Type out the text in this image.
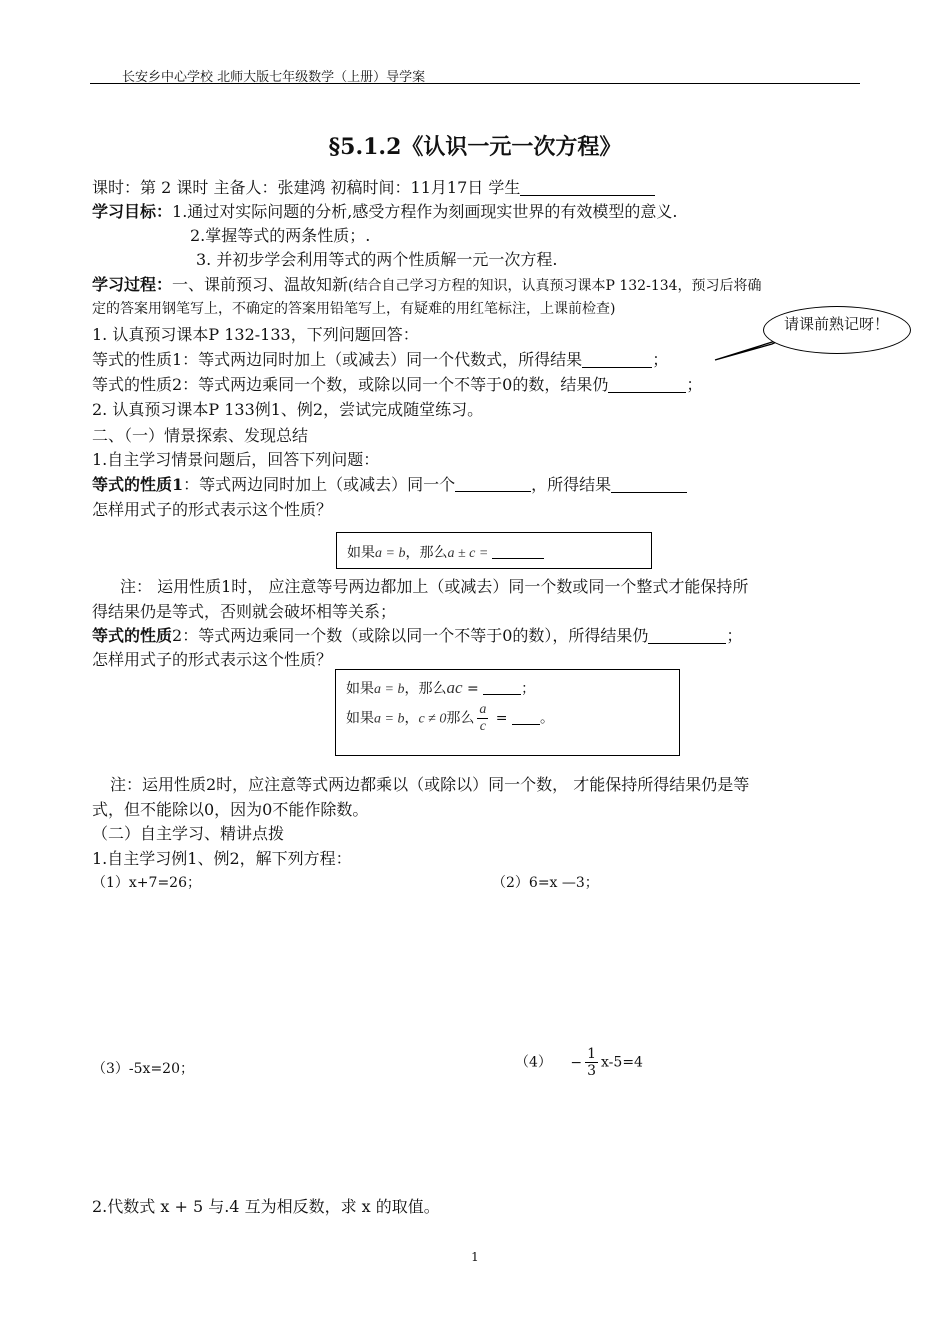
长安乡中心学校 北师大版七年级数学（上册）导学案
§5.1.2《认识一元一次方程》
课时：第 2 课时 主备人：张建鸿 初稿时间：11月17日 学生
学习目标：1.通过对实际问题的分析,感受方程作为刻画现实世界的有效模型的意义.
2.掌握等式的两条性质；.
3. 并初步学会利用等式的两个性质解一元一次方程.
学习过程：一、课前预习、温故知新(结合自己学习方程的知识，认真预习课本P 132-134，预习后将确
定的答案用钢笔写上，不确定的答案用铅笔写上，有疑难的用红笔标注，上课前检查)
1. 认真预习课本P 132-133，下列问题回答：
等式的性质1：等式两边同时加上（或减去）同一个代数式，所得结果	；
等式的性质2：等式两边乘同一个数，或除以同一个不等于0的数，结果仍	；
2. 认真预习课本P 133例1、例2，尝试完成随堂练习。
请课前熟记呀！
二、（一）情景探索、发现总结
1.自主学习情景问题后，回答下列问题：
等式的性质1：等式两边同时加上（或减去）同一个	，所得结果
怎样用式子的形式表示这个性质？
如果a = b，那么a ± c =
注： 运用性质1时， 应注意等号两边都加上（或减去）同一个数或同一个整式才能保持所
得结果仍是等式，否则就会破坏相等关系；
等式的性质2：等式两边乘同一个数（或除以同一个不等于0的数），所得结果仍	；
怎样用式子的形式表示这个性质？
如果a = b，那么ac =	；
如果a = b，c ≠ 0那么 $\frac{a}{c}$ = 。
注：运用性质2时，应注意等式两边都乘以（或除以）同一个数， 才能保持所得结果仍是等
式，但不能除以0，因为0不能作除数。
（二）自主学习、精讲点拨
1.自主学习例1、例2，解下列方程：
（1）x+7=26；	（2）6=x —3；
（3）-5x=20；	$(4) - \frac{1}{3} x-5=4$
2.代数式 x + 5 与.4 互为相反数，求 x 的取值。
1
